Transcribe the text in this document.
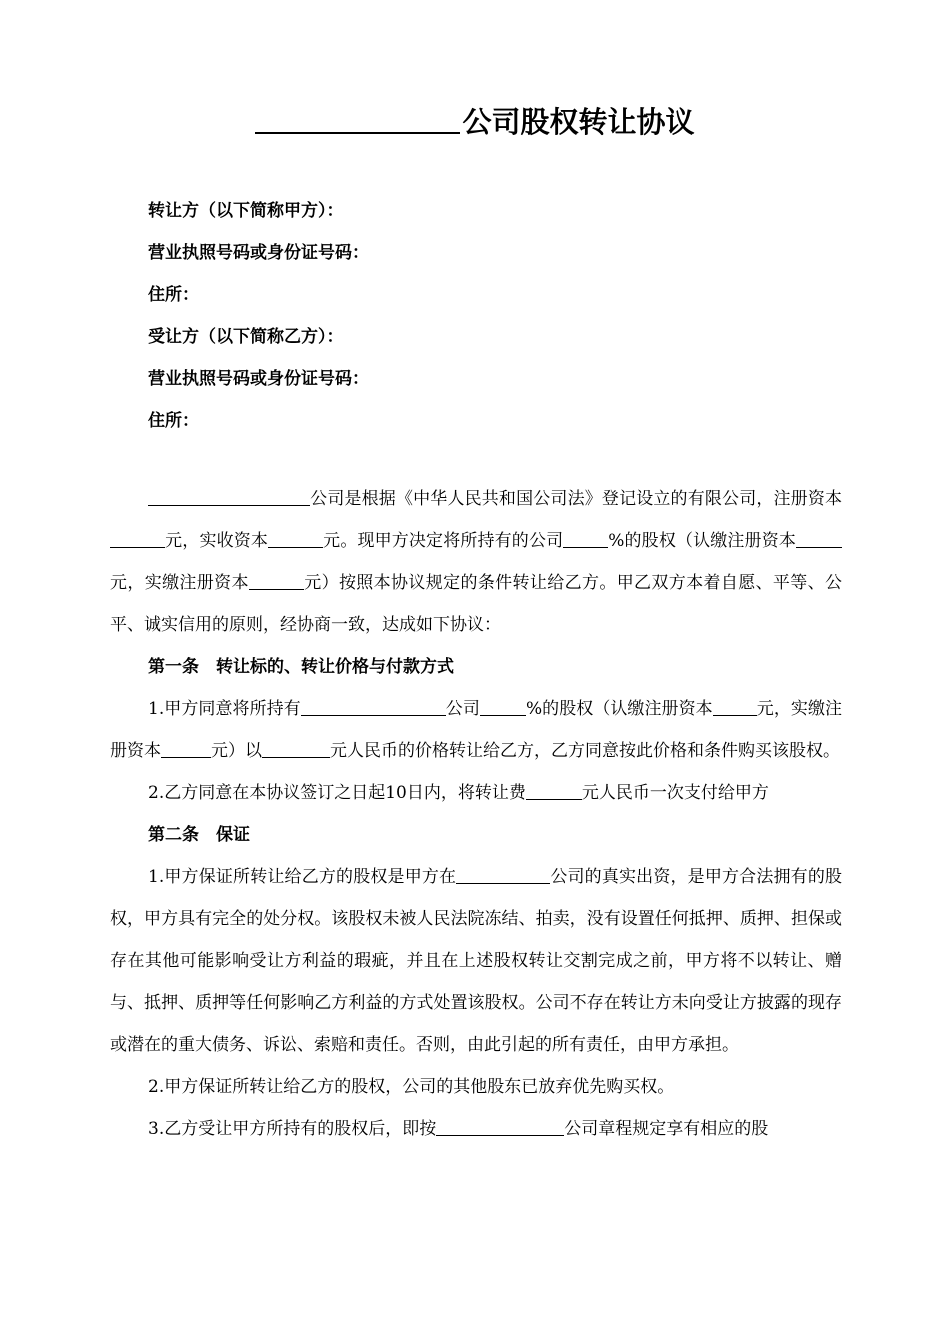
公司股权转让协议
转让方（以下简称甲方）：
营业执照号码或身份证号码：
住所：
受让方（以下简称乙方）：
营业执照号码或身份证号码：
住所：

公司是根据《中华人民共和国公司法》登记设立的有限公司，注册资本元，实收资本	元。现甲方决定将所持有的公司	%的股权（认缴注册资本元，实缴注册资本	元）按照本协议规定的条件转让给乙方。甲乙双方本着自愿、平等、公平、诚实信用的原则，经协商一致，达成如下协议：

第一条　转让标的、转让价格与付款方式

1.甲方同意将所持有	公司	%的股权（认缴注册资本	元，实缴注册资本	元）以	元人民币的价格转让给乙方，乙方同意按此价格和条件购买该股权。

2.乙方同意在本协议签订之日起10日内，将转让费	元人民币一次支付给甲方

第二条　保证

1.甲方保证所转让给乙方的股权是甲方在	公司的真实出资，是甲方合法拥有的股权，甲方具有完全的处分权。该股权未被人民法院冻结、拍卖，没有设置任何抵押、质押、担保或存在其他可能影响受让方利益的瑕疵，并且在上述股权转让交割完成之前，甲方将不以转让、赠与、抵押、质押等任何影响乙方利益的方式处置该股权。公司不存在转让方未向受让方披露的现存或潜在的重大债务、诉讼、索赔和责任。否则，由此引起的所有责任，由甲方承担。

2.甲方保证所转让给乙方的股权，公司的其他股东已放弃优先购买权。

3.乙方受让甲方所持有的股权后，即按	公司章程规定享有相应的股
